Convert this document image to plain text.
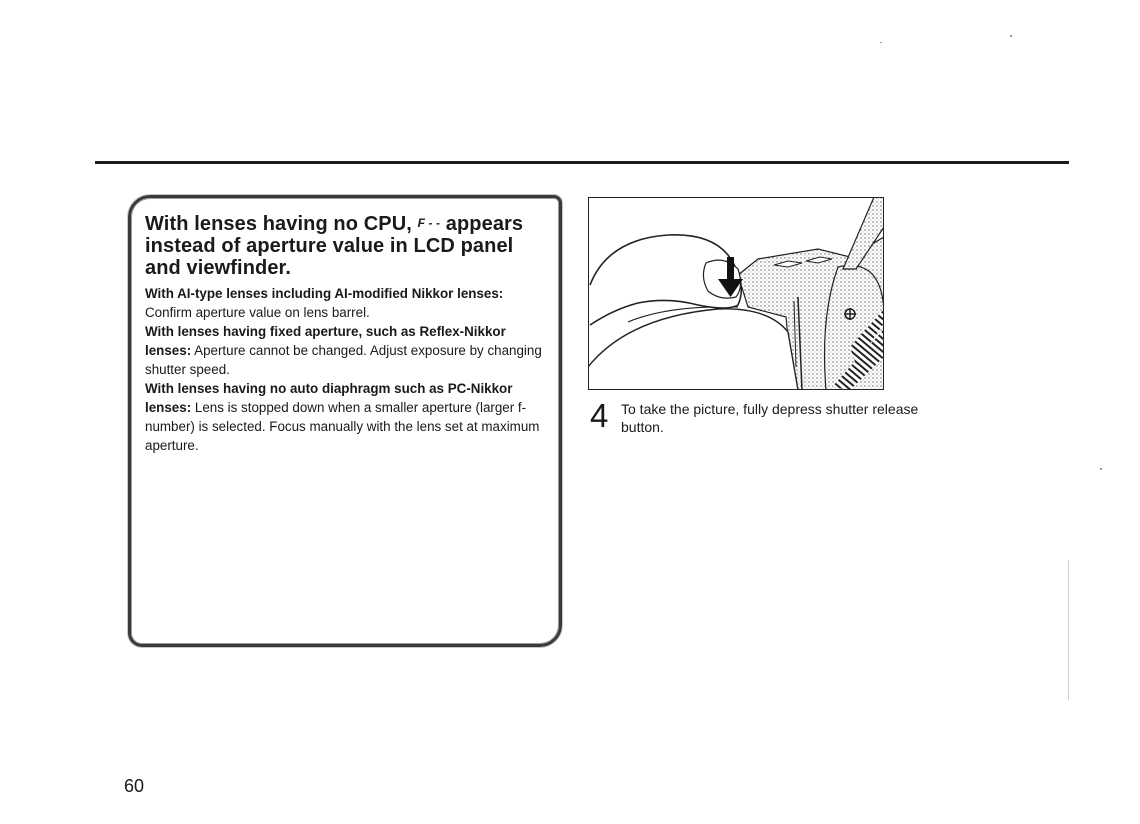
With lenses having no CPU, F - - appears instead of aperture value in LCD panel and viewfinder.

With AI-type lenses including AI-modified Nikkor lenses: Confirm aperture value on lens barrel.

With lenses having fixed aperture, such as Reflex-Nikkor lenses: Aperture cannot be changed. Adjust exposure by changing shutter speed.

With lenses having no auto diaphragm such as PC-Nikkor lenses: Lens is stopped down when a smaller aperture (larger f-number) is selected. Focus manually with the lens set at maximum aperture.

4 To take the picture, fully depress shutter release button.
60
